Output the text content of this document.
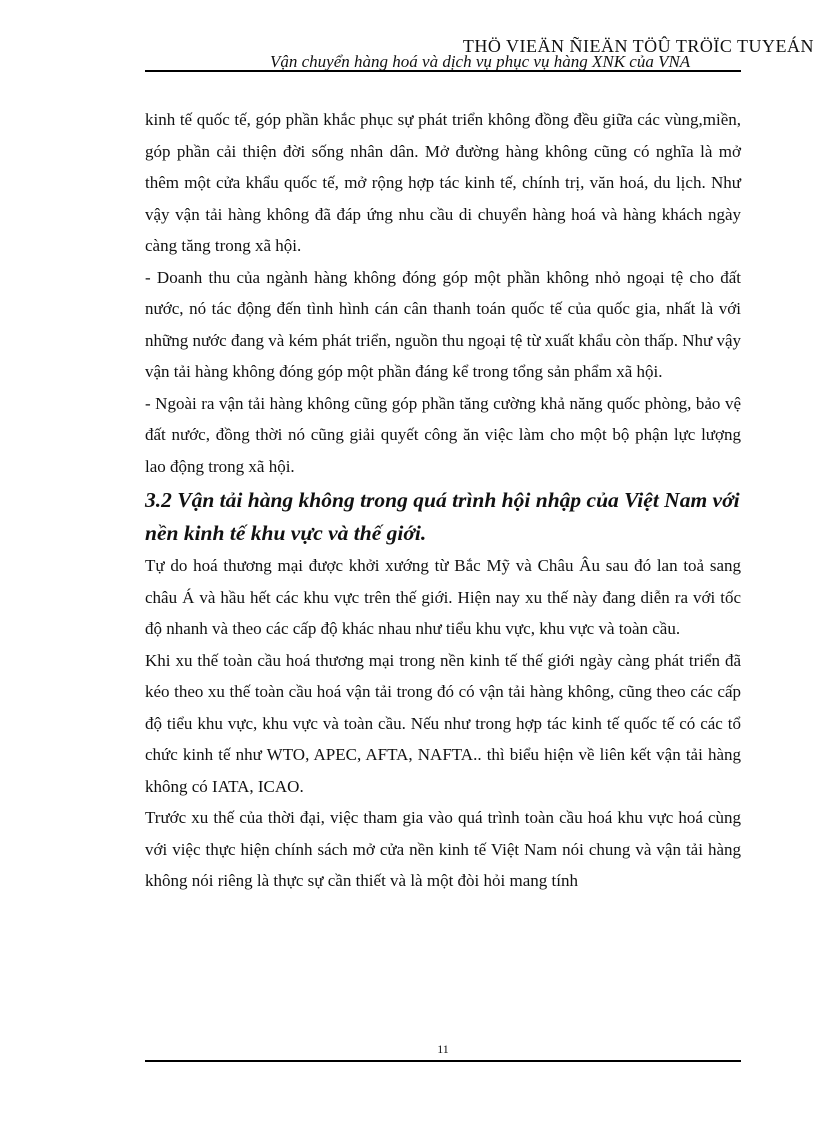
THÖ VIEÄN ÑIEÄN TÖÛ TRÖÏC TUYEÁN
Vận chuyển hàng hoá và dịch vụ phục vụ hàng XNK của VNA

kinh tế quốc tế, góp phần khắc phục sự phát triển không đồng đều giữa các vùng,miền, góp phần cải thiện đời sống nhân dân. Mở đường hàng không cũng có nghĩa là mở thêm một cửa khẩu quốc tế, mở rộng hợp tác kinh tế, chính trị, văn hoá, du lịch. Như vậy vận tải hàng không đã đáp ứng nhu cầu di chuyển hàng hoá và hàng khách ngày càng tăng trong xã hội.

- Doanh thu của ngành hàng không đóng góp một phần không nhỏ ngoại tệ cho đất nước, nó tác động đến tình hình cán cân thanh toán quốc tế của quốc gia, nhất là với những nước đang và kém phát triển, nguồn thu ngoại tệ từ xuất khẩu còn thấp. Như vậy vận tải hàng không đóng góp một phần đáng kể trong tổng sản phẩm xã hội.

- Ngoài ra vận tải hàng không cũng góp phần tăng cường khả năng quốc phòng, bảo vệ đất nước, đồng thời nó cũng giải quyết công ăn việc làm cho một bộ phận lực lượng lao động trong xã hội.

3.2 Vận tải hàng không trong quá trình hội nhập của Việt Nam với nền kinh tế khu vực và thế giới.

Tự do hoá thương mại được khởi xướng từ Bắc Mỹ và Châu Âu sau đó lan toả sang châu Á và hầu hết các khu vực trên thế giới. Hiện nay xu thế này đang diễn ra với tốc độ nhanh và theo các cấp độ khác nhau như tiểu khu vực, khu vực và toàn cầu.

Khi xu thế toàn cầu hoá thương mại trong nền kinh tế thế giới ngày càng phát triển đã kéo theo xu thế toàn cầu hoá vận tải trong đó có vận tải hàng không, cũng theo các cấp độ tiểu khu vực, khu vực và toàn cầu. Nếu như trong hợp tác kinh tế quốc tế có các tổ chức kinh tế như WTO, APEC, AFTA, NAFTA.. thì biểu hiện về liên kết vận tải hàng không có IATA, ICAO.

Trước xu thế của thời đại, việc tham gia vào quá trình toàn cầu hoá khu vực hoá cùng với việc thực hiện chính sách mở cửa nền kinh tế Việt Nam nói chung và vận tải hàng không nói riêng là thực sự cần thiết và là một đòi hỏi mang tính

11
